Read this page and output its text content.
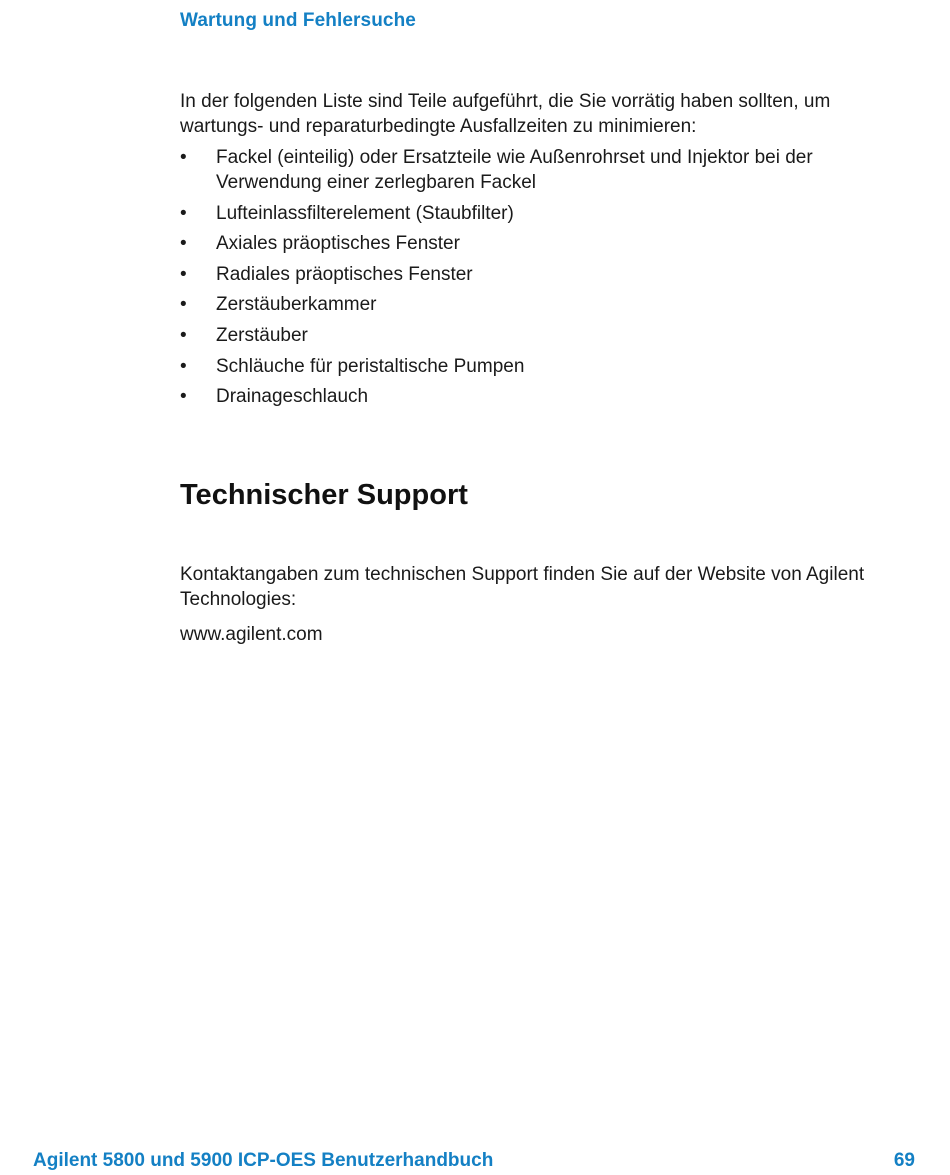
Wartung und Fehlersuche

In der folgenden Liste sind Teile aufgeführt, die Sie vorrätig haben sollten, um wartungs- und reparaturbedingte Ausfallzeiten zu minimieren:

•	Fackel (einteilig) oder Ersatzteile wie Außenrohrset und Injektor bei der Verwendung einer zerlegbaren Fackel
•	Lufteinlassfilterelement (Staubfilter)
•	Axiales präoptisches Fenster
•	Radiales präoptisches Fenster
•	Zerstäuberkammer
•	Zerstäuber
•	Schläuche für peristaltische Pumpen
•	Drainageschlauch
Technischer Support

Kontaktangaben zum technischen Support finden Sie auf der Website von Agilent Technologies:

www.agilent.com

Agilent 5800 und 5900 ICP-OES Benutzerhandbuch	69
